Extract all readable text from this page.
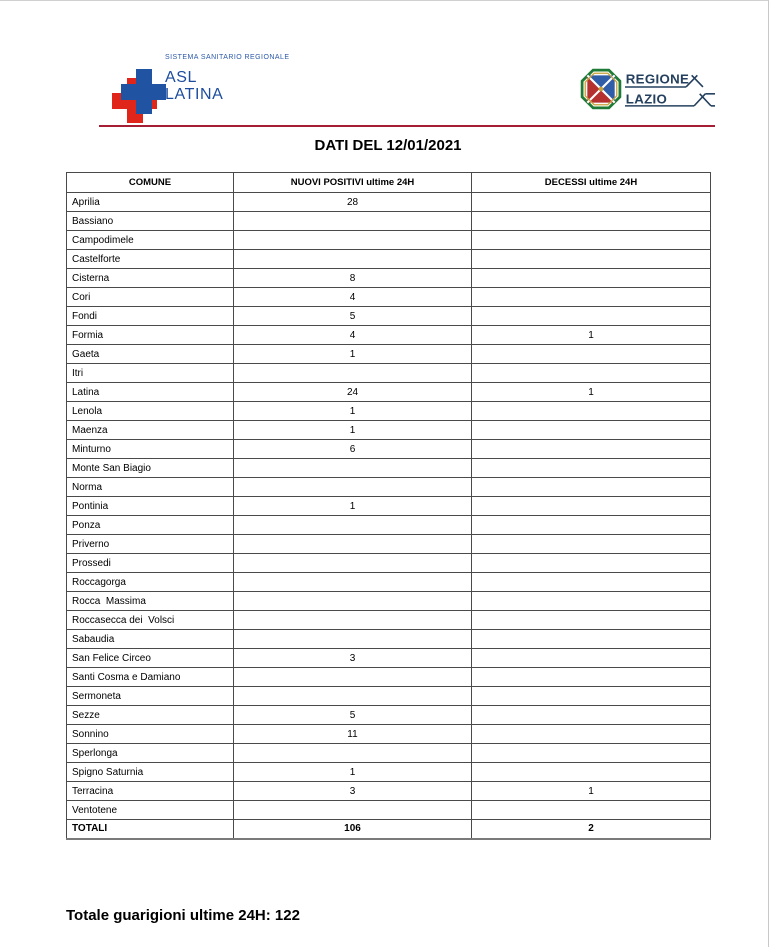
SISTEMA SANITARIO REGIONALE
ASL
LATINA
REGIONE
LAZIO
DATI DEL 12/01/2021
COMUNE	NUOVI POSITIVI ultime 24H	DECESSI ultime 24H
Aprilia	28	
Bassiano		
Campodimele		
Castelforte		
Cisterna	8	
Cori	4	
Fondi	5	
Formia	4	1
Gaeta	1	
Itri		
Latina	24	1
Lenola	1	
Maenza	1	
Minturno	6	
Monte San Biagio		
Norma		
Pontinia	1	
Ponza		
Priverno		
Prossedi		
Roccagorga		
Rocca  Massima		
Roccasecca dei  Volsci		
Sabaudia		
San Felice Circeo	3	
Santi Cosma e Damiano		
Sermoneta		
Sezze	5	
Sonnino	11	
Sperlonga		
Spigno Saturnia	1	
Terracina	3	1
Ventotene		
TOTALI	106	2
Totale guarigioni ultime 24H: 122
